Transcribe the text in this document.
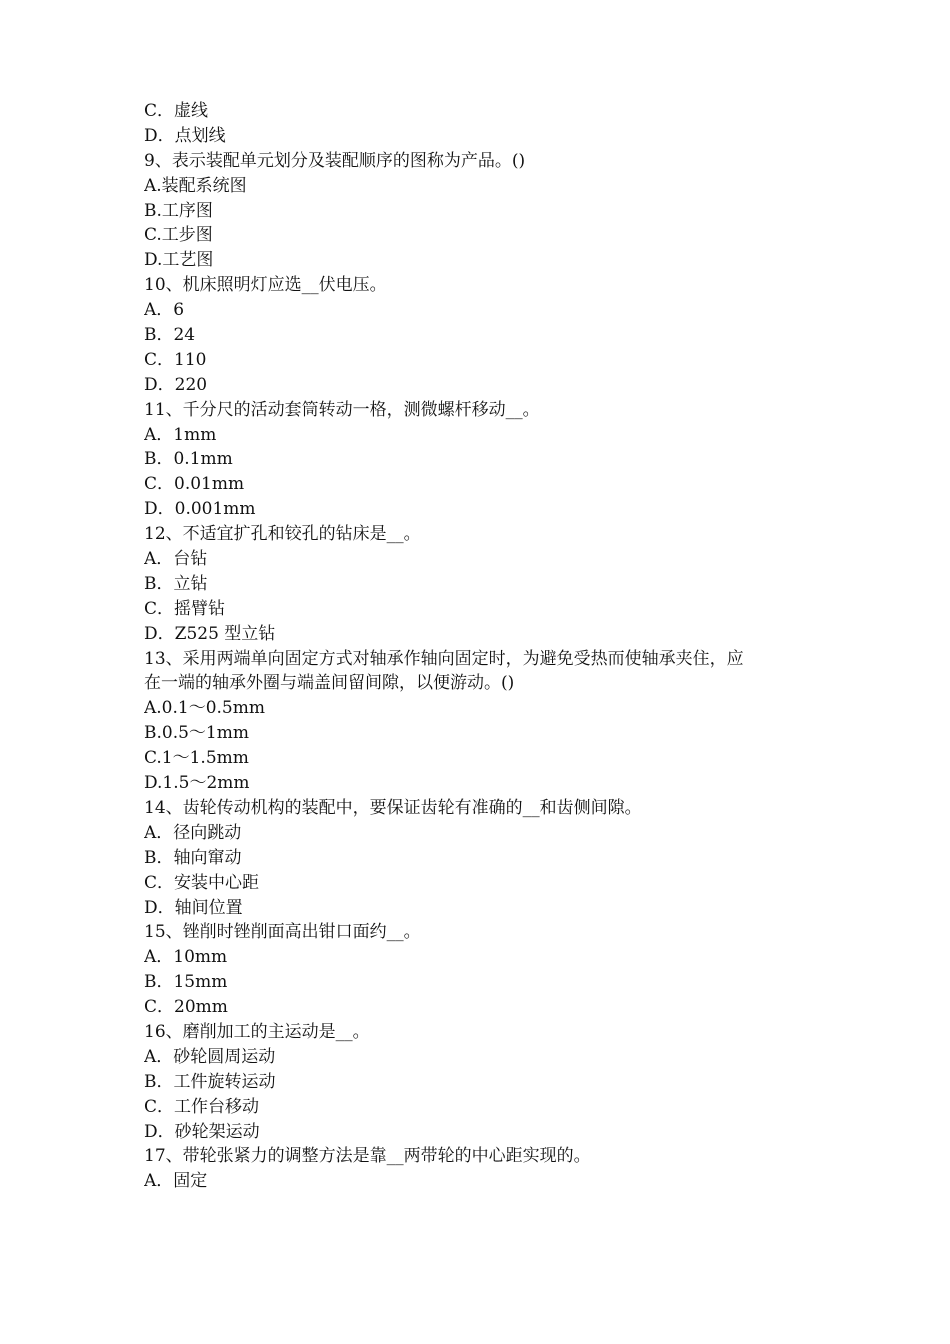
C．虚线
D．点划线
9、表示装配单元划分及装配顺序的图称为产品。()
A.装配系统图
B.工序图
C.工步图
D.工艺图
10、机床照明灯应选__伏电压。
A．6
B．24
C．110
D．220
11、千分尺的活动套筒转动一格，测微螺杆移动__。
A．1mm
B．0.1mm
C．0.01mm
D．0.001mm
12、不适宜扩孔和铰孔的钻床是__。
A．台钻
B．立钻
C．摇臂钻
D．Z525 型立钻
13、采用两端单向固定方式对轴承作轴向固定时，为避免受热而使轴承夹住，应
在一端的轴承外圈与端盖间留间隙，以便游动。()
A.0.1～0.5mm
B.0.5～1mm
C.1～1.5mm
D.1.5～2mm
14、齿轮传动机构的装配中，要保证齿轮有准确的__和齿侧间隙。
A．径向跳动
B．轴向窜动
C．安装中心距
D．轴间位置
15、锉削时锉削面高出钳口面约__。
A．10mm
B．15mm
C．20mm
16、磨削加工的主运动是__。
A．砂轮圆周运动
B．工件旋转运动
C．工作台移动
D．砂轮架运动
17、带轮张紧力的调整方法是靠__两带轮的中心距实现的。
A．固定
